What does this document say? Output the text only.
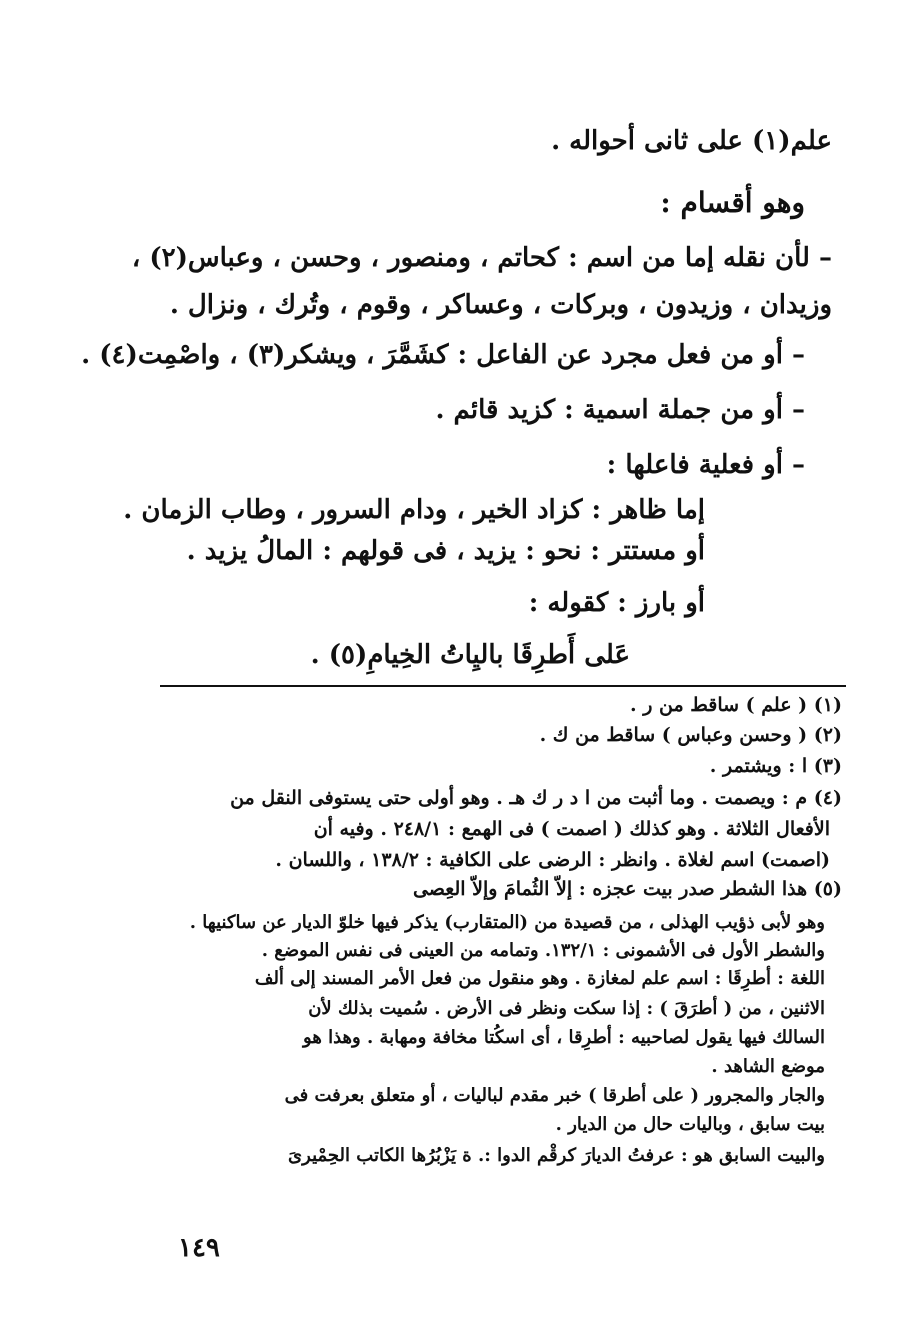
علم(١) على ثانى أحواله .
وهو أقسام :
– لأن نقله إما من اسم : كحاتم ، ومنصور ، وحسن ، وعباس(٢) ،
وزيدان ، وزيدون ، وبركات ، وعساكر ، وقوم ، وتُرك ، ونزال .
– أو من فعل مجرد عن الفاعل : كشَمَّرَ ، ويشكر(٣) ، واصْمِت(٤) .
– أو من جملة اسمية : كزيد قائم .
– أو فعلية فاعلها :
إما ظاهر : كزاد الخير ، ودام السرور ، وطاب الزمان .
أو مستتر : نحو : يزيد ، فى قولهم : المالُ يزيد .
أو بارز : كقوله :
عَلى أَطرِقَا باليِاتُ الخِيامِ(٥) .
(١) ( علم ) ساقط من ر .
(٢) ( وحسن وعباس ) ساقط من ك .
(٣) ا : ويشتمر .
(٤) م : ويصمت . وما أثبت من ا د ر ك هـ . وهو أولى حتى يستوفى النقل من
الأفعال الثلاثة . وهو كذلك ( اصمت ) فى الهمع : ٢٤٨/١ . وفيه أن
(اصمت) اسم لغلاة . وانظر : الرضى على الكافية : ١٣٨/٢ ، واللسان .
(٥) هذا الشطر صدر بيت عجزه : إلاّ الثُمامَ وإلاّ العِصى
وهو لأبى ذؤيب الهذلى ، من قصيدة من (المتقارب) يذكر فيها خلوّ الديار عن ساكنيها .
والشطر الأول فى الأشمونى : ١٣٢/١. وتمامه من العينى فى نفس الموضع .
اللغة : أطرِقَا : اسم علم لمغازة . وهو منقول من فعل الأمر المسند إلى ألف
الاثنين ، من ( أطرَقَ ) : إذا سكت ونظر فى الأرض . سُميت بذلك لأن
السالك فيها يقول لصاحبيه : أطرِقا ، أى اسكُتا مخافة ومهابة . وهذا هو
موضع الشاهد .
والجار والمجرور ( على أطرقا ) خبر مقدم لباليات ، أو متعلق بعرفت فى
بيت سابق ، وباليات حال من الديار .
والبيت السابق هو : عرفتُ الديارَ كرقْم الدوا :. ة يَزْبُرُها الكاتب الحِمْيرىَ
١٤٩
